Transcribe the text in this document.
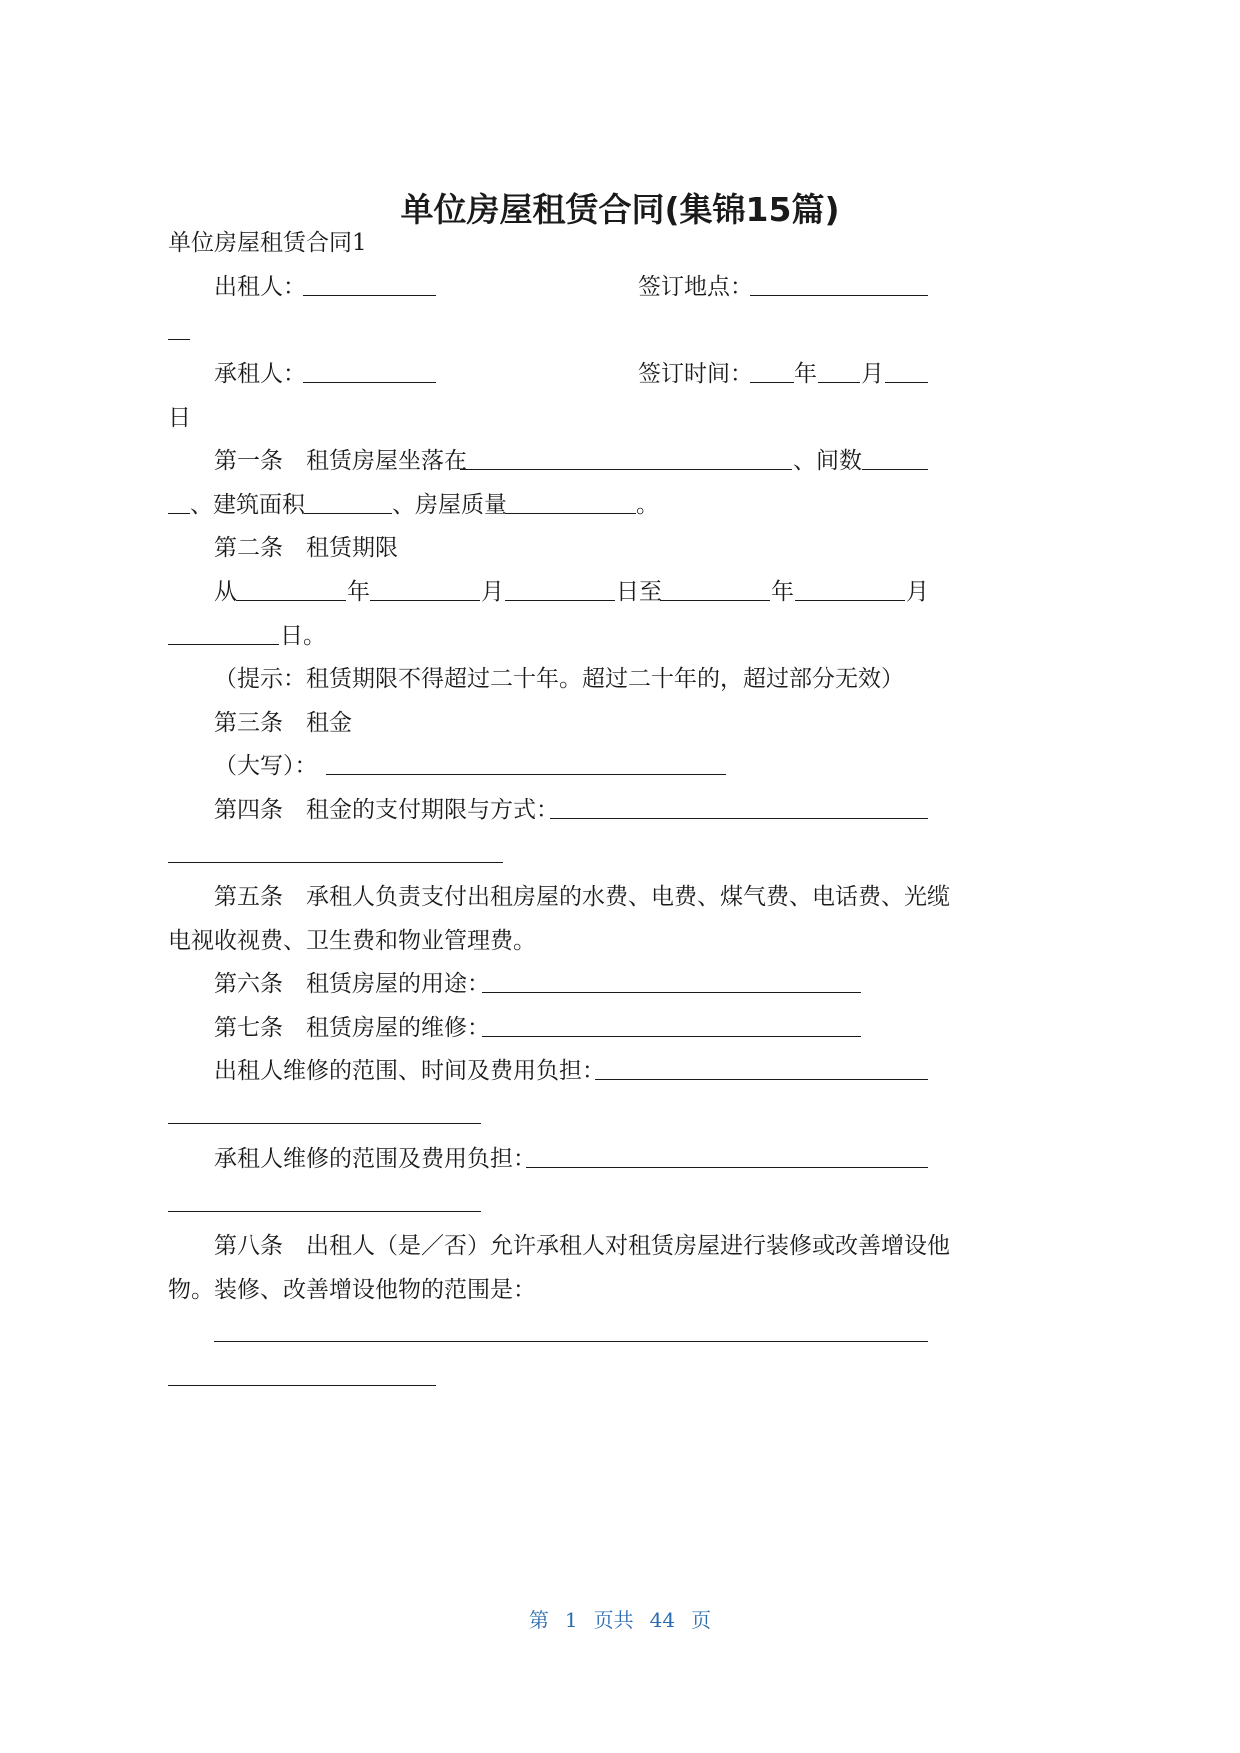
单位房屋租赁合同(集锦15篇)
单位房屋租赁合同1
出租人：	签订地点：
承租人：	签订时间： 年 月
日
第一条　租赁房屋坐落在	、间数
、建筑面积	、房屋质量	。
第二条　租赁期限
从	年	月	日至	年	月
日。
（提示：租赁期限不得超过二十年。超过二十年的，超过部分无效）
第三条　租金
（大写）：
第四条　租金的支付期限与方式：
第五条　承租人负责支付出租房屋的水费、电费、煤气费、电话费、光缆
电视收视费、卫生费和物业管理费。
第六条　租赁房屋的用途：
第七条　租赁房屋的维修：
出租人维修的范围、时间及费用负担：
承租人维修的范围及费用负担：
第八条　出租人（是／否）允许承租人对租赁房屋进行装修或改善增设他
物。装修、改善增设他物的范围是：
第 1 页共 44 页
